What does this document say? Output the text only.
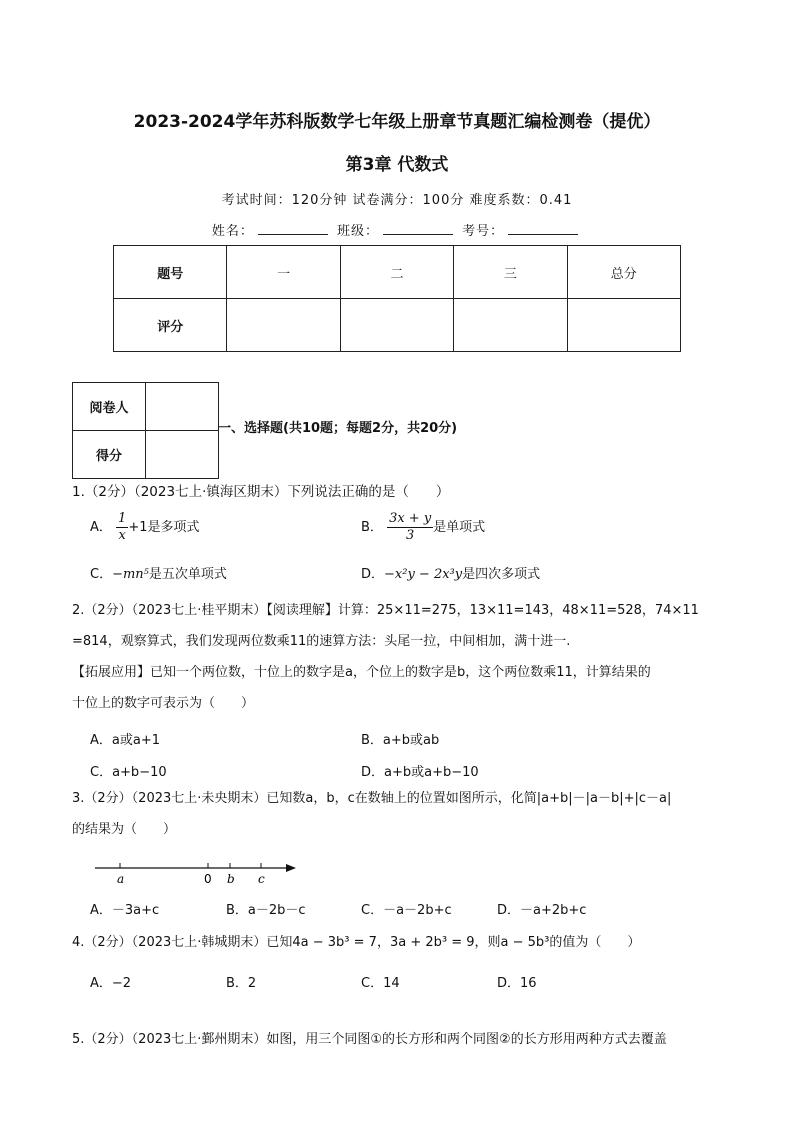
2023-2024学年苏科版数学七年级上册章节真题汇编检测卷（提优）
第3章 代数式
考试时间：120分钟 试卷满分：100分 难度系数：0.41
姓名：	班级：	考号：
题号	一	二	三	总分
评分				
阅卷人	
得分	
一、选择题(共10题；每题2分，共20分)
1.（2分）（2023七上·镇海区期末）下列说法正确的是（　　）
A． $\frac{1}{x} +1$是多项式	B． $\frac{3x + y}{3}$ 是单项式
C．−mn⁵是五次单项式	D．−x²y − 2x³y是四次多项式
2.（2分）（2023七上·桂平期末）【阅读理解】计算：25×11=275，13×11=143，48×11=528，74×11
=814，观察算式，我们发现两位数乘11的速算方法：头尾一拉，中间相加，满十进一.
【拓展应用】已知一个两位数，十位上的数字是a，个位上的数字是b，这个两位数乘11，计算结果的
十位上的数字可表示为（　　）
A．a或a+1	B．a+b或ab
C．a+b−10	D．a+b或a+b−10
3.（2分）（2023七上·未央期末）已知数a，b，c在数轴上的位置如图所示，化简|a+b|－|a－b|+|c－a|
的结果为（　　）
a	0 b c
A．－3a+c	B．a－2b－c	C．－a－2b+c	D．－a+2b+c
4.（2分）（2023七上·韩城期末）已知4a − 3b³ = 7，3a + 2b³ = 9，则a − 5b³的值为（　　）
A．−2	B．2	C．14	D．16
5.（2分）（2023七上·鄞州期末）如图，用三个同图①的长方形和两个同图②的长方形用两种方式去覆盖
